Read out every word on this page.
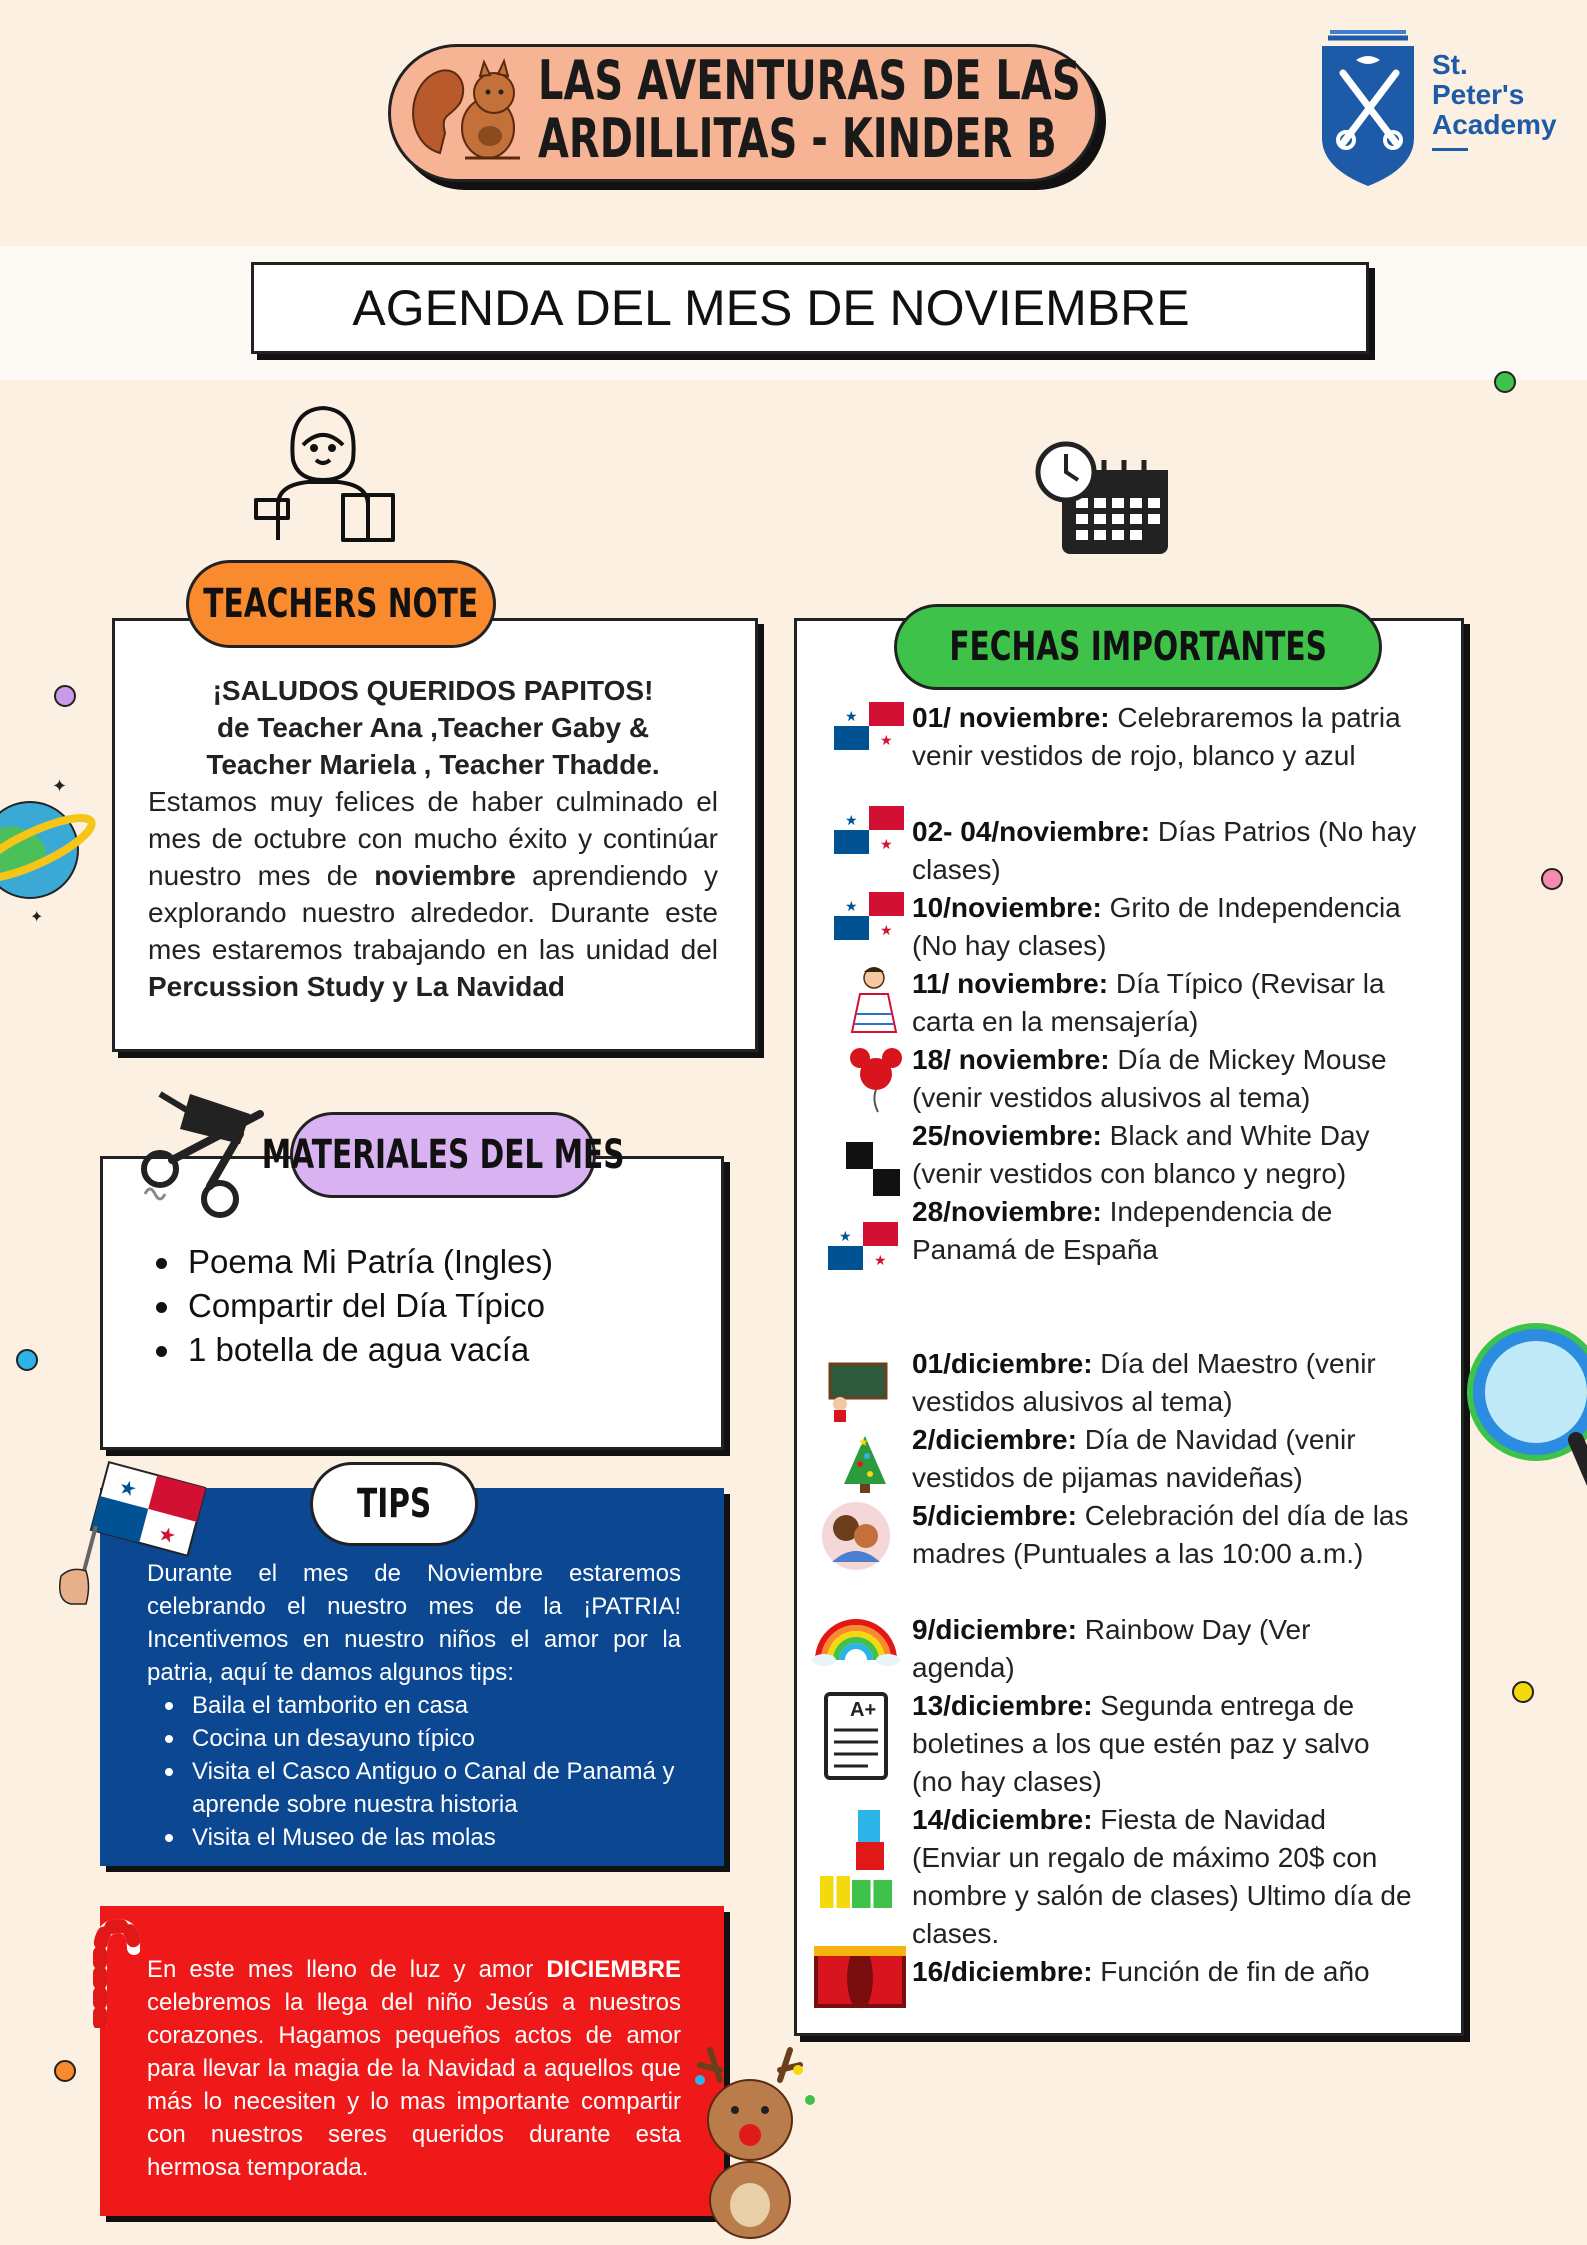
LAS AVENTURAS DE LAS
ARDILLITAS - KINDER B
St.
Peter's
Academy
AGENDA DEL MES DE NOVIEMBRE
✦
✦
TEACHERS NOTE
¡SALUDOS QUERIDOS PAPITOS!
de Teacher Ana ,Teacher Gaby &
Teacher Mariela , Teacher Thadde.

Estamos muy felices de haber culminado el mes de octubre con mucho éxito y continúar nuestro mes de noviembre aprendiendo y explorando nuestro alrededor. Durante este mes estaremos trabajando en las unidad del Percussion Study y La Navidad

MATERIALES DEL MES
Poema Mi Patría (Ingles)
Compartir del Día Típico
1 botella de agua vacía
TIPS
★
★

Durante el mes de Noviembre estaremos celebrando el nuestro mes de la ¡PATRIA! Incentivemos en nuestro niños el amor por la patria, aquí te damos algunos tips:

Baila el tamborito en casa
Cocina un desayuno típico
Visita el Casco Antiguo o Canal de Panamá y aprende sobre nuestra historia
Visita el Museo de las molas
En este mes lleno de luz y amor DICIEMBRE celebremos la llega del niño Jesús a nuestros corazones. Hagamos pequeños actos de amor para llevar la magia de la Navidad a aquellos que más lo necesiten y lo mas importante compartir con nuestros seres queridos durante esta hermosa temporada.
FECHAS IMPORTANTES
★
★
★
★
★
★
★
★
★
A+
01/ noviembre: Celebraremos la patria venir vestidos de rojo, blanco y azul
02- 04/noviembre: Días Patrios (No hay clases)
10/noviembre: Grito de Independencia (No hay clases)
11/ noviembre: Día Típico (Revisar la carta en la mensajería)
18/ noviembre: Día de Mickey Mouse (venir vestidos alusivos al tema)
25/noviembre: Black and White Day (venir vestidos con blanco y negro)
28/noviembre: Independencia de Panamá de España
01/diciembre: Día del Maestro (venir vestidos alusivos al tema)
2/diciembre: Día de Navidad (venir vestidos de pijamas navideñas)
5/diciembre: Celebración del día de las madres (Puntuales a las 10:00 a.m.)
9/diciembre: Rainbow Day (Ver agenda)
13/diciembre: Segunda entrega de boletines a los que estén paz y salvo (no hay clases)
14/diciembre: Fiesta de Navidad (Enviar un regalo de máximo 20$ con nombre y salón de clases) Ultimo día de clases.
16/diciembre: Función de fin de año
